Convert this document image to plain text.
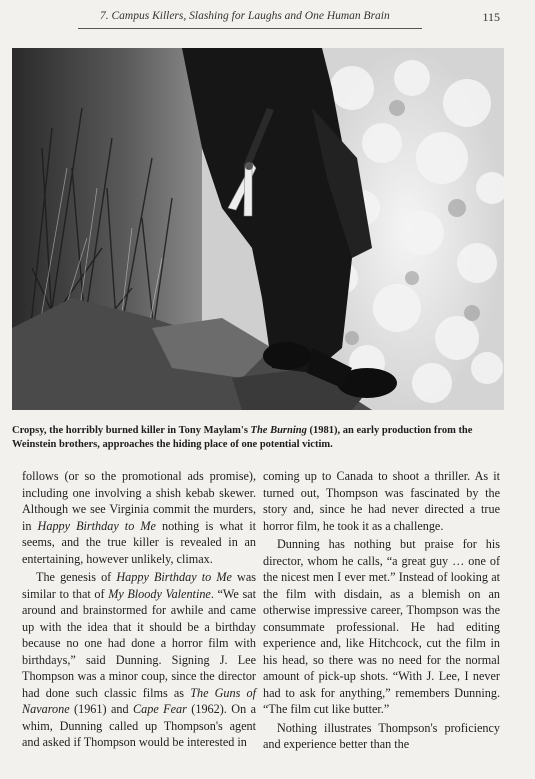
7. Campus Killers, Slashing for Laughs and One Human Brain	115

Cropsy, the horribly burned killer in Tony Maylam's The Burning (1981), an early production from the Weinstein brothers, approaches the hiding place of one potential victim.

follows (or so the promotional ads promise), including one involving a shish kebab skewer. Although we see Virginia commit the murders, in Happy Birthday to Me nothing is what it seems, and the true killer is revealed in an entertaining, however unlikely, climax.

The genesis of Happy Birthday to Me was similar to that of My Bloody Valentine. “We sat around and brainstormed for awhile and came up with the idea that it should be a birthday because no one had done a horror film with birthdays,” said Dunning. Signing J. Lee Thompson was a minor coup, since the director had done such classic films as The Guns of Navarone (1961) and Cape Fear (1962). On a whim, Dunning called up Thompson's agent and asked if Thompson would be interested in

coming up to Canada to shoot a thriller. As it turned out, Thompson was fascinated by the story and, since he had never directed a true horror film, he took it as a challenge.

Dunning has nothing but praise for his director, whom he calls, “a great guy … one of the nicest men I ever met.” Instead of looking at the film with disdain, as a blemish on an otherwise impressive career, Thompson was the consummate professional. He had editing experience and, like Hitchcock, cut the film in his head, so there was no need for the normal amount of pick-up shots. “With J. Lee, I never had to ask for anything,” remembers Dunning. “The film cut like butter.”

Nothing illustrates Thompson's proficiency and experience better than the
